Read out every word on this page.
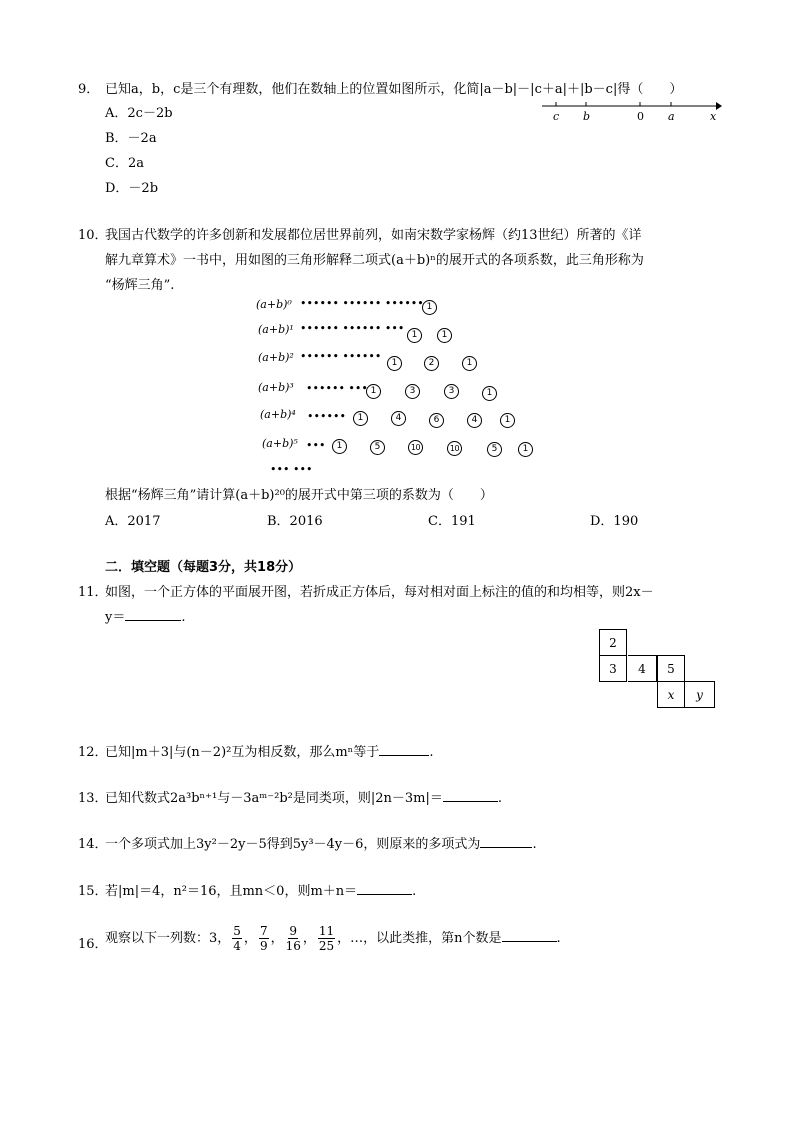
9． 已知a，b，c是三个有理数，他们在数轴上的位置如图所示，化简|a－b|－|c＋a|＋|b－c|得（　　）
A．2c－2b
B．－2a
C．2a
D．－2b
c b	0 a	x
10．
我国古代数学的许多创新和发展都位居世界前列，如南宋数学家杨辉（约13世纪）所著的《详
解九章算术》一书中，用如图的三角形解释二项式(a＋b)ⁿ的展开式的各项系数，此三角形称为
“杨辉三角”.
(a+b)⁰ •••••• •••••• •••••• 1
(a+b)¹ •••••• •••••• ••• 1	1
(a+b)² •••••• ••••••	1	2	1
(a+b)³ •••••• ••• 1	3	3	1
(a+b)⁴ ••••••	1	4	6	4	1
(a+b)⁵ •••	1	5	10	10	5	1
••• •••
根据“杨辉三角”请计算(a＋b)²⁰的展开式中第三项的系数为（　　）
A．2017	B．2016	C．191	D．190
二．填空题（每题3分，共18分）
11．
如图，一个正方体的平面展开图，若折成正方体后，每对相对面上标注的值的和均相等，则2x－
y＝	.
2
3	4	5
x	y
12．
已知|m＋3|与(n－2)²互为相反数，那么mⁿ等于	.
13．
已知代数式2a³bⁿ⁺¹与－3aᵐ⁻²b²是同类项，则|2n－3m|＝	.
14．
一个多项式加上3y²－2y－5得到5y³－4y－6，则原来的多项式为	.
15．
若|m|＝4，n²＝16，且mn＜0，则m＋n＝	.
16．
观察以下一列数：3， $\frac{5}{4}$ ， $\frac{7}{9}$ ， $\frac{9}{16}$ ， $\frac{11}{25}$ ，…，以此类推，第n个数是	.
